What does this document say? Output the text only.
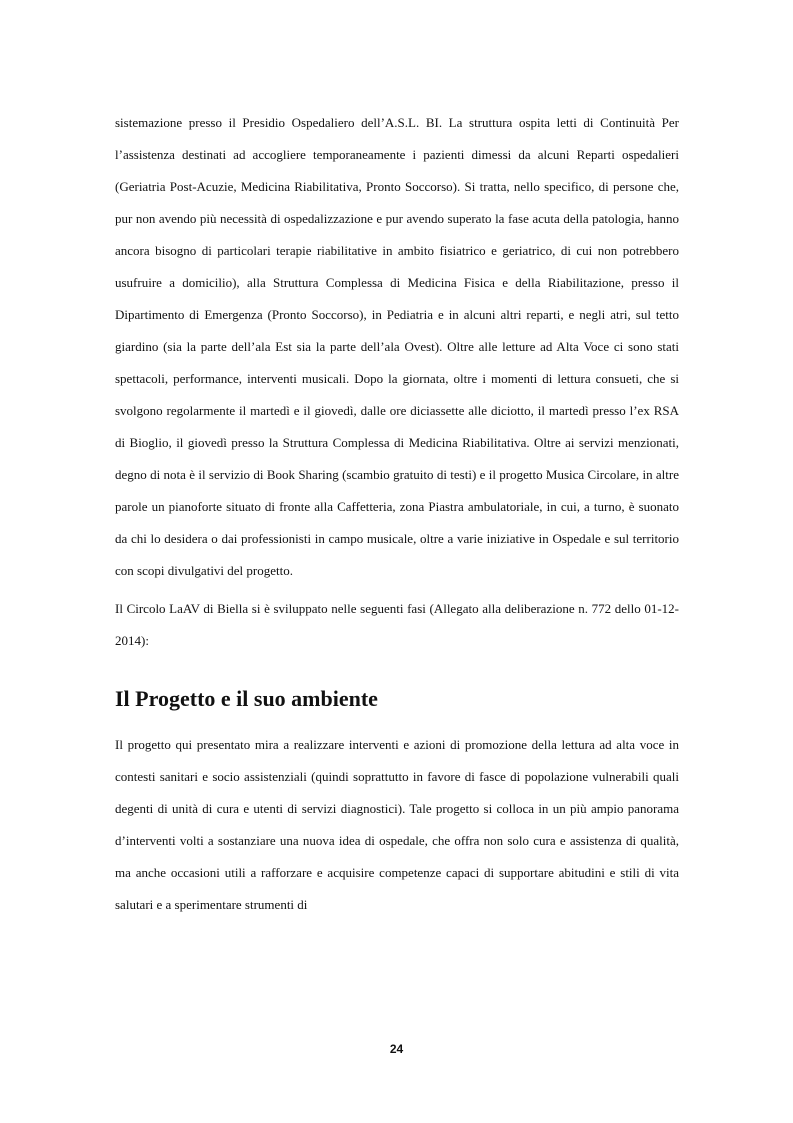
sistemazione presso il Presidio Ospedaliero dell’A.S.L. BI. La struttura ospita letti di Continuità Per l’assistenza destinati ad accogliere temporaneamente i pazienti dimessi da alcuni Reparti ospedalieri (Geriatria Post-Acuzie, Medicina Riabilitativa, Pronto Soccorso). Si tratta, nello specifico, di persone che, pur non avendo più necessità di ospedalizzazione e pur avendo superato la fase acuta della patologia, hanno ancora bisogno di particolari terapie riabilitative in ambito fisiatrico e geriatrico, di cui non potrebbero usufruire a domicilio), alla Struttura Complessa di Medicina Fisica e della Riabilitazione, presso il Dipartimento di Emergenza (Pronto Soccorso), in Pediatria e in alcuni altri reparti, e negli atri, sul tetto giardino (sia la parte dell’ala Est sia la parte dell’ala Ovest). Oltre alle letture ad Alta Voce ci sono stati spettacoli, performance, interventi musicali. Dopo la giornata, oltre i momenti di lettura consueti, che si svolgono regolarmente il martedì e il giovedì, dalle ore diciassette alle diciotto, il martedì presso l’ex RSA di Bioglio, il giovedì presso la Struttura Complessa di Medicina Riabilitativa. Oltre ai servizi menzionati, degno di nota è il servizio di Book Sharing (scambio gratuito di testi) e il progetto Musica Circolare, in altre parole un pianoforte situato di fronte alla Caffetteria, zona Piastra ambulatoriale, in cui, a turno, è suonato da chi lo desidera o dai professionisti in campo musicale, oltre a varie iniziative in Ospedale e sul territorio con scopi divulgativi del progetto.

Il Circolo LaAV di Biella si è sviluppato nelle seguenti fasi (Allegato alla deliberazione n. 772 dello 01-12-2014):

Il Progetto e il suo ambiente

Il progetto qui presentato mira a realizzare interventi e azioni di promozione della lettura ad alta voce in contesti sanitari e socio assistenziali (quindi soprattutto in favore di fasce di popolazione vulnerabili quali degenti di unità di cura e utenti di servizi diagnostici). Tale progetto si colloca in un più ampio panorama d’interventi volti a sostanziare una nuova idea di ospedale, che offra non solo cura e assistenza di qualità, ma anche occasioni utili a rafforzare e acquisire competenze capaci di supportare abitudini e stili di vita salutari e a sperimentare strumenti di

24
